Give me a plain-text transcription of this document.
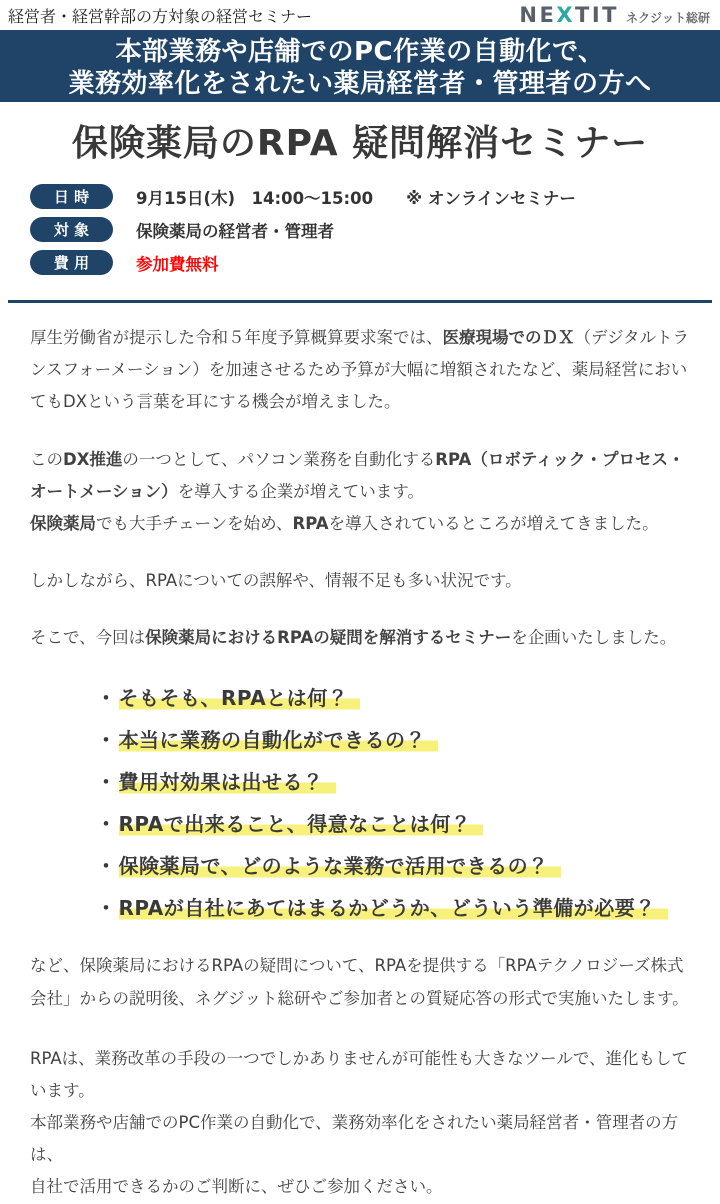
経営者・経営幹部の方対象の経営セミナー	NEXTIT ネクジット総研
本部業務や店舗でのPC作業の自動化で、
業務効率化をされたい薬局経営者・管理者の方へ
保険薬局のRPA 疑問解消セミナー
日 時	9月15日(木)　14:00～15:00　　※ オンラインセミナー
対 象	保険薬局の経営者・管理者
費 用	参加費無料
厚生労働省が提示した令和５年度予算概算要求案では、医療現場でのＤＸ（デジタルトランスフォーメーション）を加速させるため予算が大幅に増額されたなど、薬局経営においてもDXという言葉を耳にする機会が増えました。
このDX推進の一つとして、パソコン業務を自動化するRPA（ロボティック・プロセス・オートメーション）を導入する企業が増えています。
保険薬局でも大手チェーンを始め、RPAを導入されているところが増えてきました。
しかしながら、RPAについての誤解や、情報不足も多い状況です。
そこで、今回は保険薬局におけるRPAの疑問を解消するセミナーを企画いたしました。
・ そもそも、RPAとは何？
・ 本当に業務の自動化ができるの？
・ 費用対効果は出せる？
・ RPAで出来ること、得意なことは何？
・ 保険薬局で、どのような業務で活用できるの？
・ RPAが自社にあてはまるかどうか、どういう準備が必要？
など、保険薬局におけるRPAの疑問について、RPAを提供する「RPAテクノロジーズ株式会社」からの説明後、ネグジット総研やご参加者との質疑応答の形式で実施いたします。
RPAは、業務改革の手段の一つでしかありませんが可能性も大きなツールで、進化もしています。
本部業務や店舗でのPC作業の自動化で、業務効率化をされたい薬局経営者・管理者の方は、
自社で活用できるかのご判断に、ぜひご参加ください。
